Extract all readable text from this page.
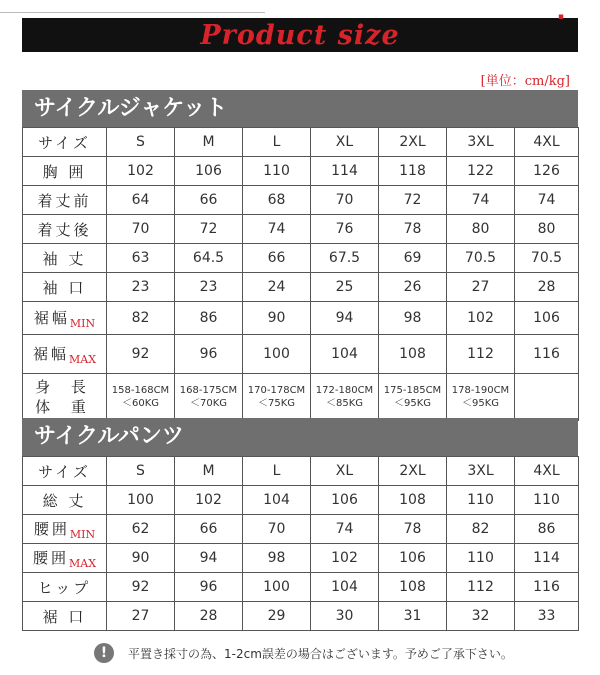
Product size
▪
[単位：cm/kg]
サイクルジャケット
サイズ	S	M	L	XL	2XL	3XL	4XL
胸 囲	102	106	110	114	118	122	126
着丈前	64	66	68	70	72	74	74
着丈後	70	72	74	76	78	80	80
袖 丈	63	64.5	66	67.5	69	70.5	70.5
袖 口	23	23	24	25	26	27	28
裾幅$_{MIN}$	82	86	90	94	98	102	106
裾幅$_{MAX}$	92	96	100	104	108	112	116
身 長 体 重	158-168CM ＜60KG	168-175CM ＜70KG	170-178CM ＜75KG	172-180CM ＜85KG	175-185CM ＜95KG	178-190CM ＜95KG	
サイクルパンツ
サイズ	S	M	L	XL	2XL	3XL	4XL
総 丈	100	102	104	106	108	110	110
腰囲$_{MIN}$	62	66	70	74	78	82	86
腰囲$_{MAX}$	90	94	98	102	106	110	114
ヒップ	92	96	100	104	108	112	116
裾 口	27	28	29	30	31	32	33
!	平置き採寸の為、1-2cm誤差の場合はございます。予めご了承下さい。
